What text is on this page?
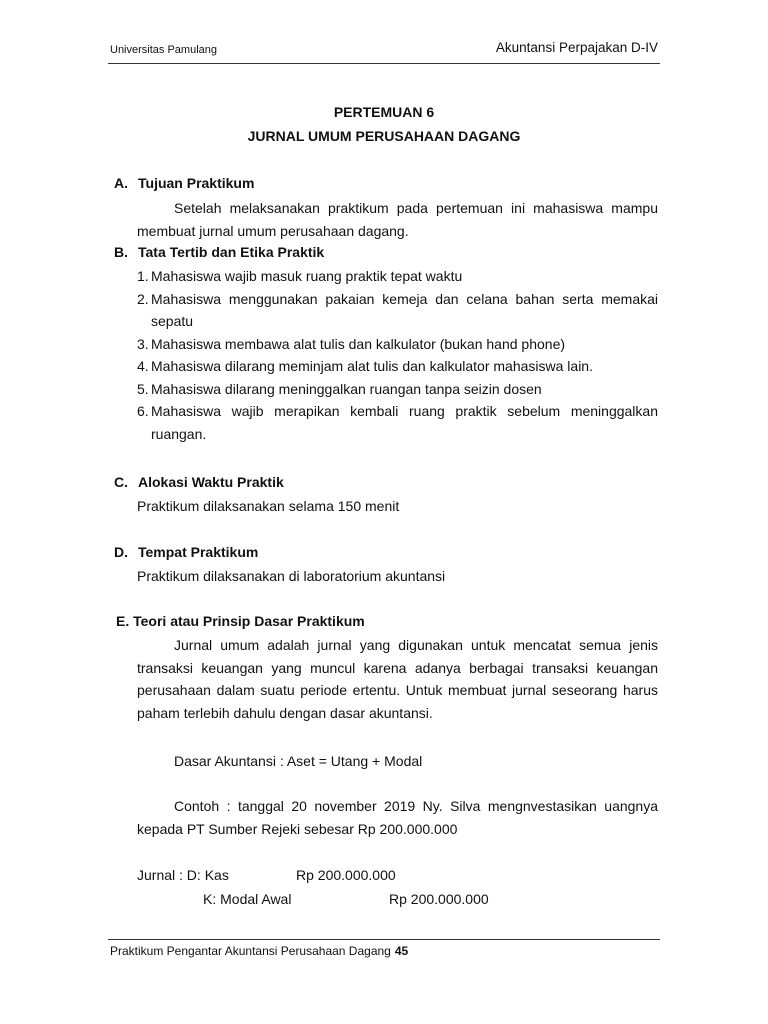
Universitas Pamulang	Akuntansi Perpajakan D-IV
PERTEMUAN 6
JURNAL UMUM PERUSAHAAN DAGANG
A. Tujuan Praktikum
Setelah melaksanakan praktikum pada pertemuan ini mahasiswa mampu membuat jurnal umum perusahaan dagang.
B. Tata Tertib dan Etika Praktik
1. Mahasiswa wajib masuk ruang praktik tepat waktu
2. Mahasiswa menggunakan pakaian kemeja dan celana bahan serta memakai sepatu
3. Mahasiswa membawa alat tulis dan kalkulator (bukan hand phone)
4. Mahasiswa dilarang meminjam alat tulis dan kalkulator mahasiswa lain.
5. Mahasiswa dilarang meninggalkan ruangan tanpa seizin dosen
6. Mahasiswa wajib merapikan kembali ruang praktik sebelum meninggalkan ruangan.
C. Alokasi Waktu Praktik
Praktikum dilaksanakan selama 150 menit
D. Tempat Praktikum
Praktikum dilaksanakan di laboratorium akuntansi
E. Teori atau Prinsip Dasar Praktikum
Jurnal umum adalah jurnal yang digunakan untuk mencatat semua jenis transaksi keuangan yang muncul karena adanya berbagai transaksi keuangan perusahaan dalam suatu periode ertentu. Untuk membuat jurnal seseorang harus paham terlebih dahulu dengan dasar akuntansi.
Dasar Akuntansi : Aset = Utang + Modal
Contoh : tanggal 20 november 2019 Ny. Silva mengnvestasikan uangnya kepada PT Sumber Rejeki sebesar Rp 200.000.000
Jurnal : D: Kas	Rp 200.000.000
K: Modal Awal	Rp 200.000.000
Praktikum Pengantar Akuntansi Perusahaan Dagang 45
